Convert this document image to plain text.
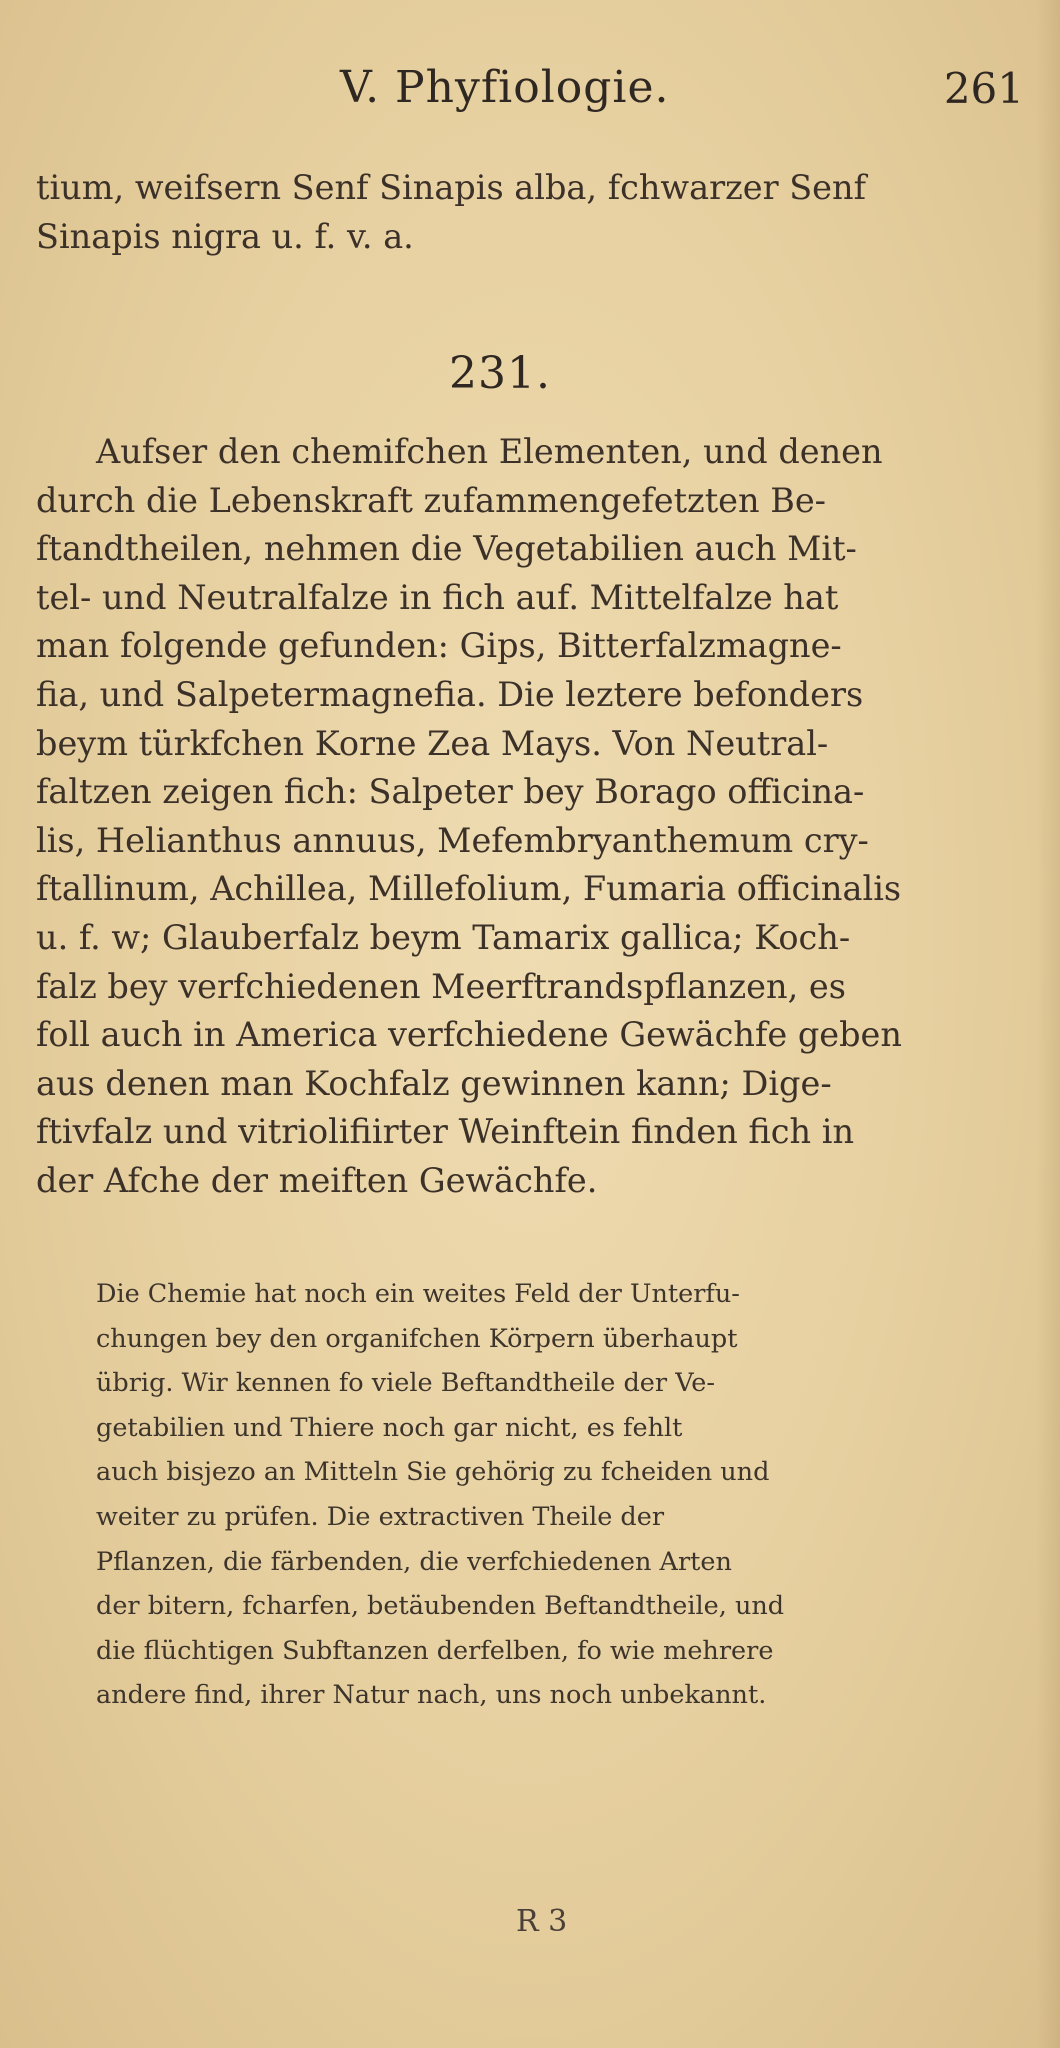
V. Phyfiologie.	261
tium, weifsern Senf Sinapis alba, fchwarzer Senf
Sinapis nigra u. f. v. a.
231.
Aufser den chemifchen Elementen, und denen
durch die Lebenskraft zufammengefetzten Be-
ftandtheilen, nehmen die Vegetabilien auch Mit-
tel- und Neutralfalze in fich auf. Mittelfalze hat
man folgende gefunden: Gips, Bitterfalzmagne-
fia, und Salpetermagnefia. Die leztere befonders
beym türkfchen Korne Zea Mays. Von Neutral-
faltzen zeigen fich: Salpeter bey Borago officina-
lis, Helianthus annuus, Mefembryanthemum cry-
ftallinum, Achillea, Millefolium, Fumaria officinalis
u. f. w; Glauberfalz beym Tamarix gallica; Koch-
falz bey verfchiedenen Meerftrandspflanzen, es
foll auch in America verfchiedene Gewächfe geben
aus denen man Kochfalz gewinnen kann; Dige-
ftivfalz und vitriolifiirter Weinftein finden fich in
der Afche der meiften Gewächfe.
Die Chemie hat noch ein weites Feld der Unterfu-
chungen bey den organifchen Körpern überhaupt
übrig. Wir kennen fo viele Beftandtheile der Ve-
getabilien und Thiere noch gar nicht, es fehlt
auch bisjezo an Mitteln Sie gehörig zu fcheiden und
weiter zu prüfen. Die extractiven Theile der
Pflanzen, die färbenden, die verfchiedenen Arten
der bitern, fcharfen, betäubenden Beftandtheile, und
die flüchtigen Subftanzen derfelben, fo wie mehrere
andere find, ihrer Natur nach, uns noch unbekannt.
R 3
